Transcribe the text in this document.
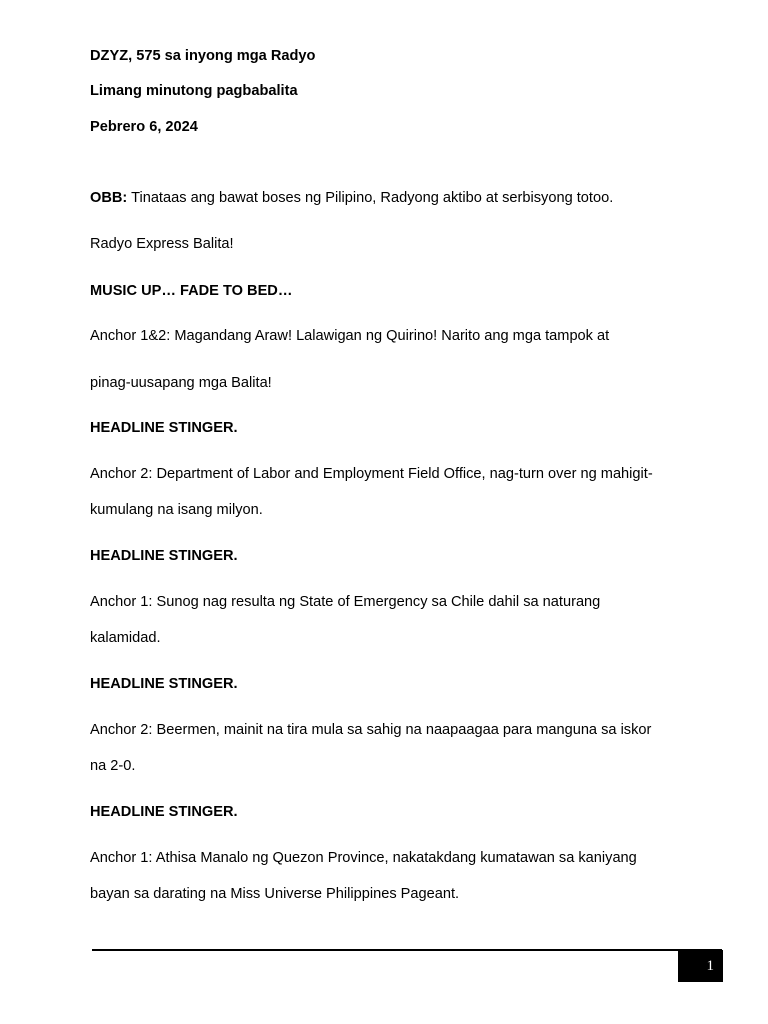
DZYZ, 575 sa inyong mga Radyo
Limang minutong pagbabalita
Pebrero 6, 2024
OBB: Tinataas ang bawat boses ng Pilipino, Radyong aktibo at serbisyong totoo.
Radyo Express Balita!
MUSIC UP… FADE TO BED…
Anchor 1&2: Magandang Araw! Lalawigan ng Quirino! Narito ang mga tampok at
pinag-uusapang mga Balita!
HEADLINE STINGER.
Anchor 2: Department of Labor and Employment Field Office, nag-turn over ng mahigit-
kumulang na isang milyon.
HEADLINE STINGER.
Anchor 1: Sunog nag resulta ng State of Emergency sa Chile dahil sa naturang
kalamidad.
HEADLINE STINGER.
Anchor 2: Beermen, mainit na tira mula sa sahig na naapaagaa para manguna sa iskor
na 2-0.
HEADLINE STINGER.
Anchor 1: Athisa Manalo ng Quezon Province, nakatakdang kumatawan sa kaniyang
bayan sa darating na Miss Universe Philippines Pageant.
1
